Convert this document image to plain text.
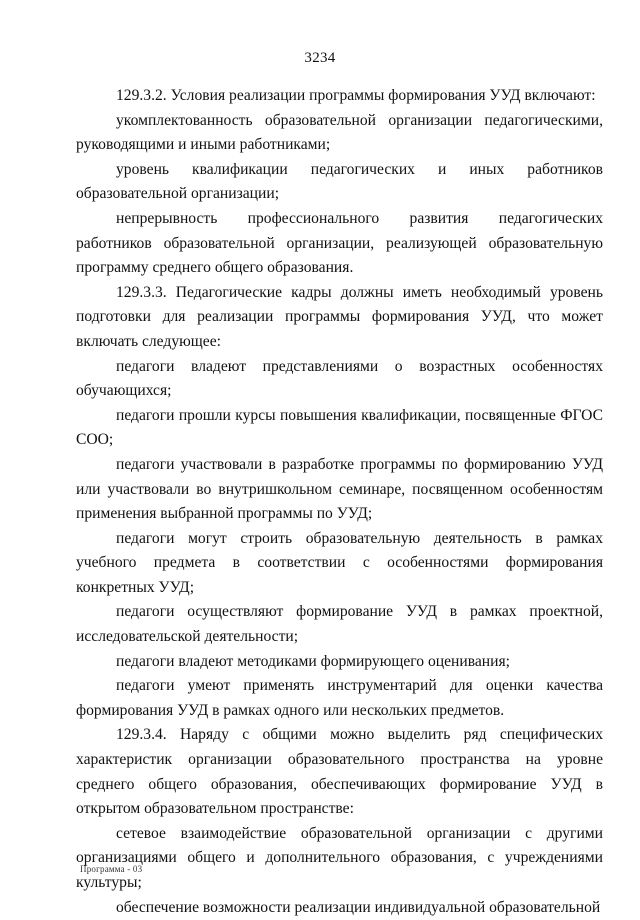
3234

129.3.2. Условия реализации программы формирования УУД включают:

укомплектованность образовательной организации педагогическими, руководящими и иными работниками;

уровень квалификации педагогических и иных работников образовательной организации;

непрерывность профессионального развития педагогических работников образовательной организации, реализующей образовательную программу среднего общего образования.

129.3.3. Педагогические кадры должны иметь необходимый уровень подготовки для реализации программы формирования УУД, что может включать следующее:

педагоги владеют представлениями о возрастных особенностях обучающихся;

педагоги прошли курсы повышения квалификации, посвященные ФГОС СОО;

педагоги участвовали в разработке программы по формированию УУД или участвовали во внутришкольном семинаре, посвященном особенностям применения выбранной программы по УУД;

педагоги могут строить образовательную деятельность в рамках учебного предмета в соответствии с особенностями формирования конкретных УУД;

педагоги осуществляют формирование УУД в рамках проектной, исследовательской деятельности;

педагоги владеют методиками формирующего оценивания;

педагоги умеют применять инструментарий для оценки качества формирования УУД в рамках одного или нескольких предметов.

129.3.4. Наряду с общими можно выделить ряд специфических характеристик организации образовательного пространства на уровне среднего общего образования, обеспечивающих формирование УУД в открытом образовательном пространстве:

сетевое взаимодействие образовательной организации с другими организациями общего и дополнительного образования, с учреждениями культуры;

обеспечение возможности реализации индивидуальной образовательной

Программа - 03
